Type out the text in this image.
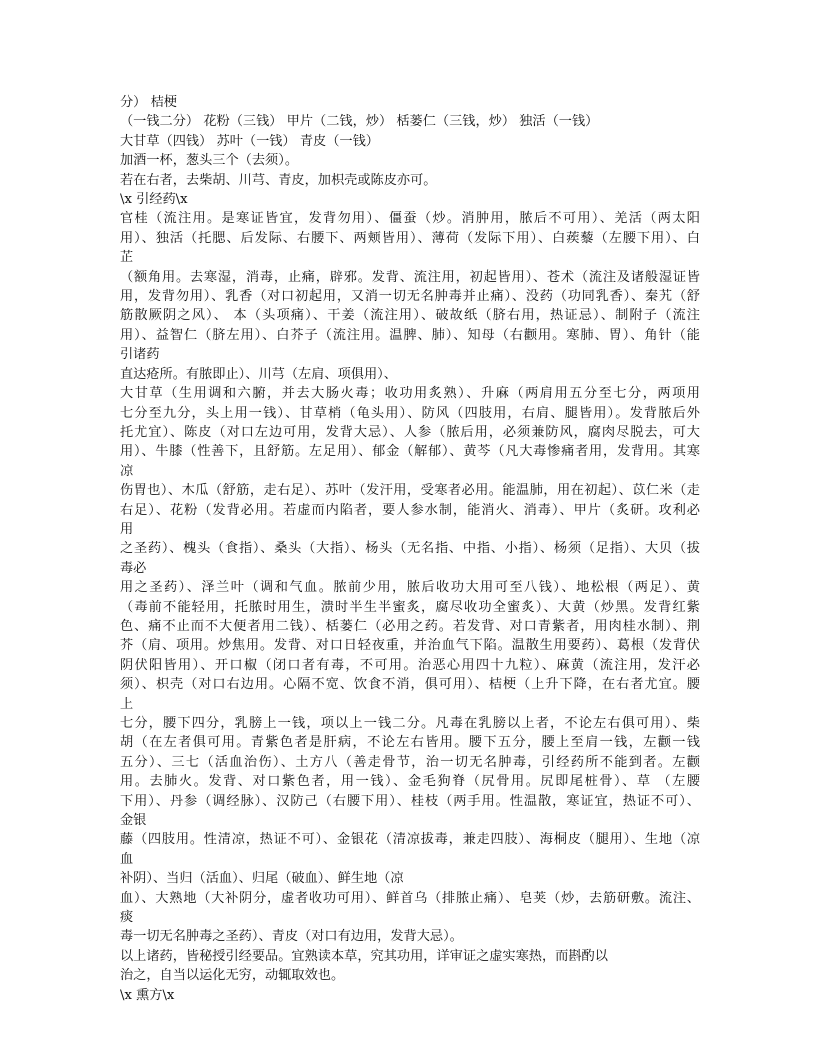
分） 桔梗
（一钱二分） 花粉（三钱） 甲片（二钱，炒） 栝蒌仁（三钱，炒） 独活（一钱）
大甘草（四钱） 苏叶（一钱） 青皮（一钱）
加酒一杯，葱头三个（去须）。
若在右者，去柴胡、川芎、青皮，加枳壳或陈皮亦可。
\x 引经药\x
官桂（流注用。是寒证皆宜，发背勿用）、僵蚕（炒。消肿用，脓后不可用）、羌活（两太阳
用）、独活（托腮、后发际、右腰下、两颊皆用）、薄荷（发际下用）、白蒺藜（左腰下用）、白
芷
（额角用。去寒湿，消毒，止痛，辟邪。发背、流注用，初起皆用）、苍术（流注及诸般湿证皆
用，发背勿用）、乳香（对口初起用，又消一切无名肿毒并止痛）、没药（功同乳香）、秦艽（舒
筋散厥阴之风）、 本（头项痛）、干姜（流注用）、破故纸（脐右用，热证忌）、制附子（流注
用）、益智仁（脐左用）、白芥子（流注用。温脾、肺）、知母（右颧用。寒肺、胃）、角针（能
引诸药
直达疮所。有脓即止）、川芎（左肩、项俱用）、
大甘草（生用调和六腑，并去大肠火毒；收功用炙熟）、升麻（两肩用五分至七分，两项用
七分至九分，头上用一钱）、甘草梢（龟头用）、防风（四肢用，右肩、腿皆用）。发背脓后外
托尤宜）、陈皮（对口左边可用，发背大忌）、人参（脓后用，必须兼防风，腐肉尽脱去，可大
用）、牛膝（性善下，且舒筋。左足用）、郁金（解郁）、黄芩（凡大毒惨痛者用，发背用。其寒
凉
伤胃也）、木瓜（舒筋，走右足）、苏叶（发汗用，受寒者必用。能温肺，用在初起）、苡仁米（走
右足）、花粉（发背必用。若虚而内陷者，要人参水制，能消火、消毒）、甲片（炙研。攻利必
用
之圣药）、槐头（食指）、桑头（大指）、杨头（无名指、中指、小指）、杨须（足指）、大贝（拔
毒必
用之圣药）、泽兰叶（调和气血。脓前少用，脓后收功大用可至八钱）、地松根（两足）、黄
（毒前不能轻用，托脓时用生，溃时半生半蜜炙，腐尽收功全蜜炙）、大黄（炒黑。发背红紫
色、痛不止而不大便者用二钱）、栝蒌仁（必用之药。若发背、对口青紫者，用肉桂水制）、荆
芥（肩、项用。炒焦用。发背、对口日轻夜重，并治血气下陷。温散生用要药）、葛根（发背伏
阴伏阳皆用）、开口椒（闭口者有毒，不可用。治恶心用四十九粒）、麻黄（流注用，发汗必
须）、枳壳（对口右边用。心隔不宽、饮食不消，俱可用）、桔梗（上升下降，在右者尤宜。腰
上
七分，腰下四分，乳膀上一钱，项以上一钱二分。凡毒在乳膀以上者，不论左右俱可用）、柴
胡（在左者俱可用。青紫色者是肝病，不论左右皆用。腰下五分，腰上至肩一钱，左颧一钱
五分）、三七（活血治伤）、土方八（善走骨节，治一切无名肿毒，引经药所不能到者。左颧
用。去肺火。发背、对口紫色者，用一钱）、金毛狗脊（尻骨用。尻即尾桩骨）、草 （左腰
下用）、丹参（调经脉）、汉防己（右腰下用）、桂枝（两手用。性温散，寒证宜，热证不可）、
金银
藤（四肢用。性清凉，热证不可）、金银花（清凉拔毒，兼走四肢）、海桐皮（腿用）、生地（凉
血
补阴）、当归（活血）、归尾（破血）、鲜生地（凉
血）、大熟地（大补阴分，虚者收功可用）、鲜首乌（排脓止痛）、皂荚（炒，去筋研敷。流注、
痰
毒一切无名肿毒之圣药）、青皮（对口有边用，发背大忌）。
以上诸药，皆秘授引经要品。宜熟读本草，究其功用，详审证之虚实寒热，而斟酌以
治之，自当以运化无穷，动辄取效也。
\x 熏方\x
